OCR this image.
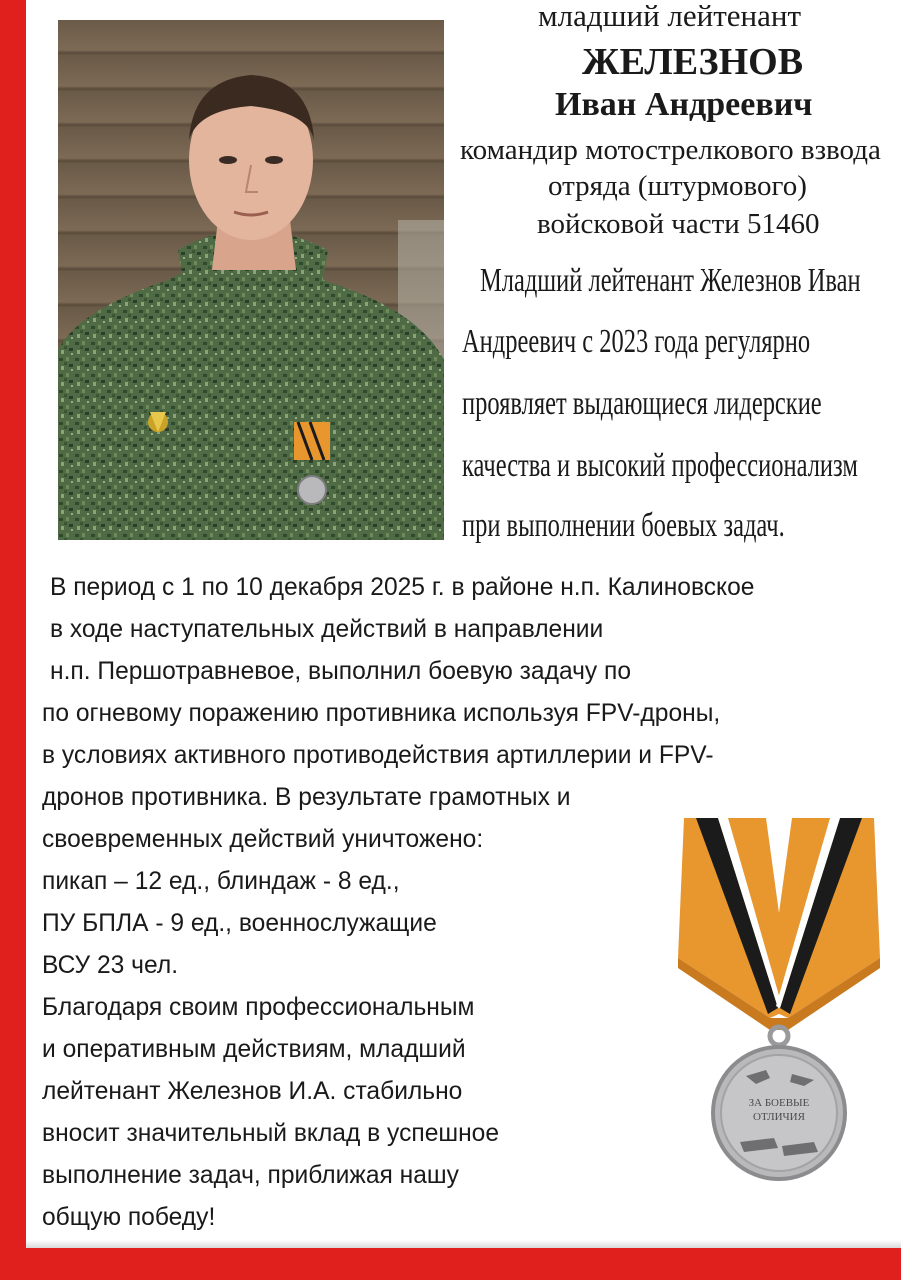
младший лейтенант
ЖЕЛЕЗНОВ
Иван Андреевич
командир мотострелкового взвода
отряда (штурмового)
войсковой части 51460
Младший лейтенант Железнов Иван
Андреевич с 2023 года регулярно
проявляет выдающиеся лидерские
качества и высокий профессионализм
при выполнении боевых задач.
В период с 1 по 10 декабря 2025 г. в районе н.п. Калиновское
в ходе наступательных действий в направлении
н.п. Першотравневое, выполнил боевую задачу по
по огневому поражению противника используя FPV-дроны,
в условиях активного противодействия артиллерии и FPV-
дронов противника. В результате грамотных и
своевременных действий уничтожено:
пикап – 12 ед., блиндаж - 8 ед.,
ПУ БПЛА - 9 ед., военнослужащие
ВСУ 23 чел.
Благодаря своим профессиональным
и оперативным действиям, младший
лейтенант Железнов И.А. стабильно
вносит значительный вклад в успешное
выполнение задач, приближая нашу
общую победу!
ЗА БОЕВЫЕ
ОТЛИЧИЯ
